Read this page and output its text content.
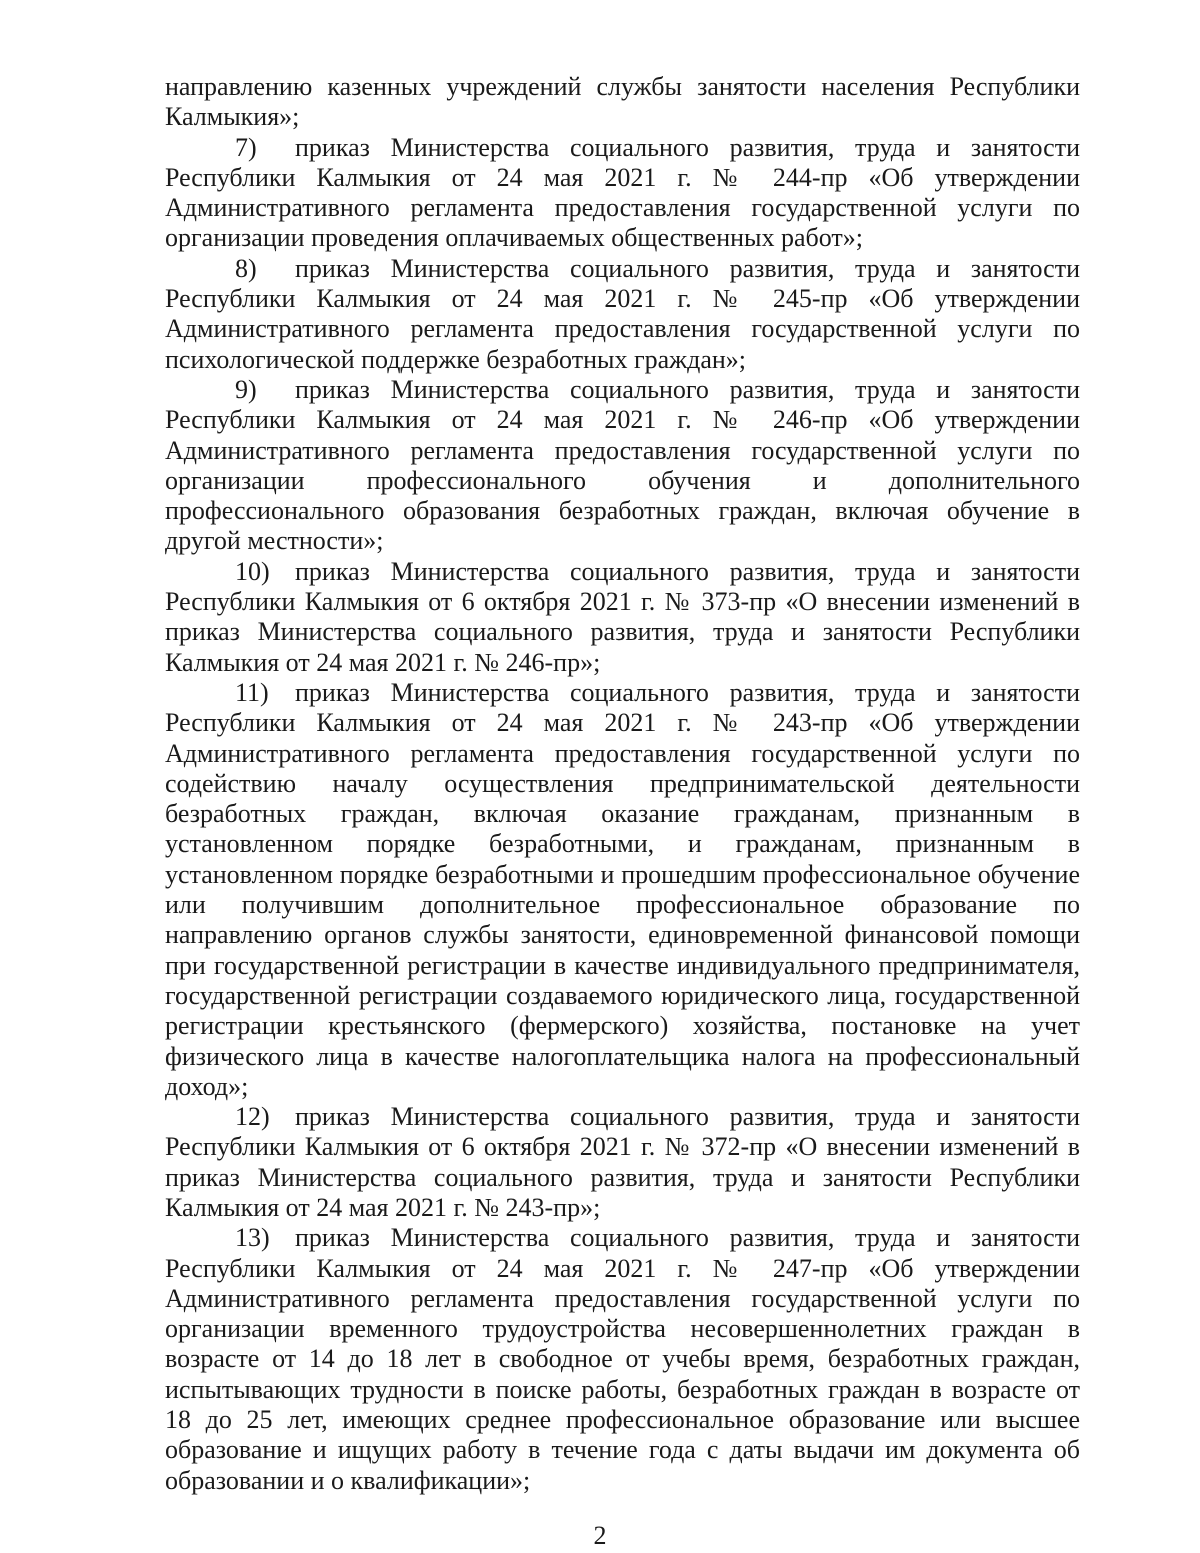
направлению казенных учреждений службы занятости населения Республики Калмыкия»;

7) приказ Министерства социального развития, труда и занятости Республики Калмыкия от 24 мая 2021 г. № 244-пр «Об утверждении Административного регламента предоставления государственной услуги по организации проведения оплачиваемых общественных работ»;

8) приказ Министерства социального развития, труда и занятости Республики Калмыкия от 24 мая 2021 г. № 245-пр «Об утверждении Административного регламента предоставления государственной услуги по психологической поддержке безработных граждан»;

9) приказ Министерства социального развития, труда и занятости Республики Калмыкия от 24 мая 2021 г. № 246-пр «Об утверждении Административного регламента предоставления государственной услуги по организации профессионального обучения и дополнительного профессионального образования безработных граждан, включая обучение в другой местности»;

10) приказ Министерства социального развития, труда и занятости Республики Калмыкия от 6 октября 2021 г. № 373-пр «О внесении изменений в приказ Министерства социального развития, труда и занятости Республики Калмыкия от 24 мая 2021 г. № 246-пр»;

11) приказ Министерства социального развития, труда и занятости Республики Калмыкия от 24 мая 2021 г. № 243-пр «Об утверждении Административного регламента предоставления государственной услуги по содействию началу осуществления предпринимательской деятельности безработных граждан, включая оказание гражданам, признанным в установленном порядке безработными, и гражданам, признанным в установленном порядке безработными и прошедшим профессиональное обучение или получившим дополнительное профессиональное образование по направлению органов службы занятости, единовременной финансовой помощи при государственной регистрации в качестве индивидуального предпринимателя, государственной регистрации создаваемого юридического лица, государственной регистрации крестьянского (фермерского) хозяйства, постановке на учет физического лица в качестве налогоплательщика налога на профессиональный доход»;

12) приказ Министерства социального развития, труда и занятости Республики Калмыкия от 6 октября 2021 г. № 372-пр «О внесении изменений в приказ Министерства социального развития, труда и занятости Республики Калмыкия от 24 мая 2021 г. № 243-пр»;

13) приказ Министерства социального развития, труда и занятости Республики Калмыкия от 24 мая 2021 г. № 247-пр «Об утверждении Административного регламента предоставления государственной услуги по организации временного трудоустройства несовершеннолетних граждан в возрасте от 14 до 18 лет в свободное от учебы время, безработных граждан, испытывающих трудности в поиске работы, безработных граждан в возрасте от 18 до 25 лет, имеющих среднее профессиональное образование или высшее образование и ищущих работу в течение года с даты выдачи им документа об образовании и о квалификации»;

2
